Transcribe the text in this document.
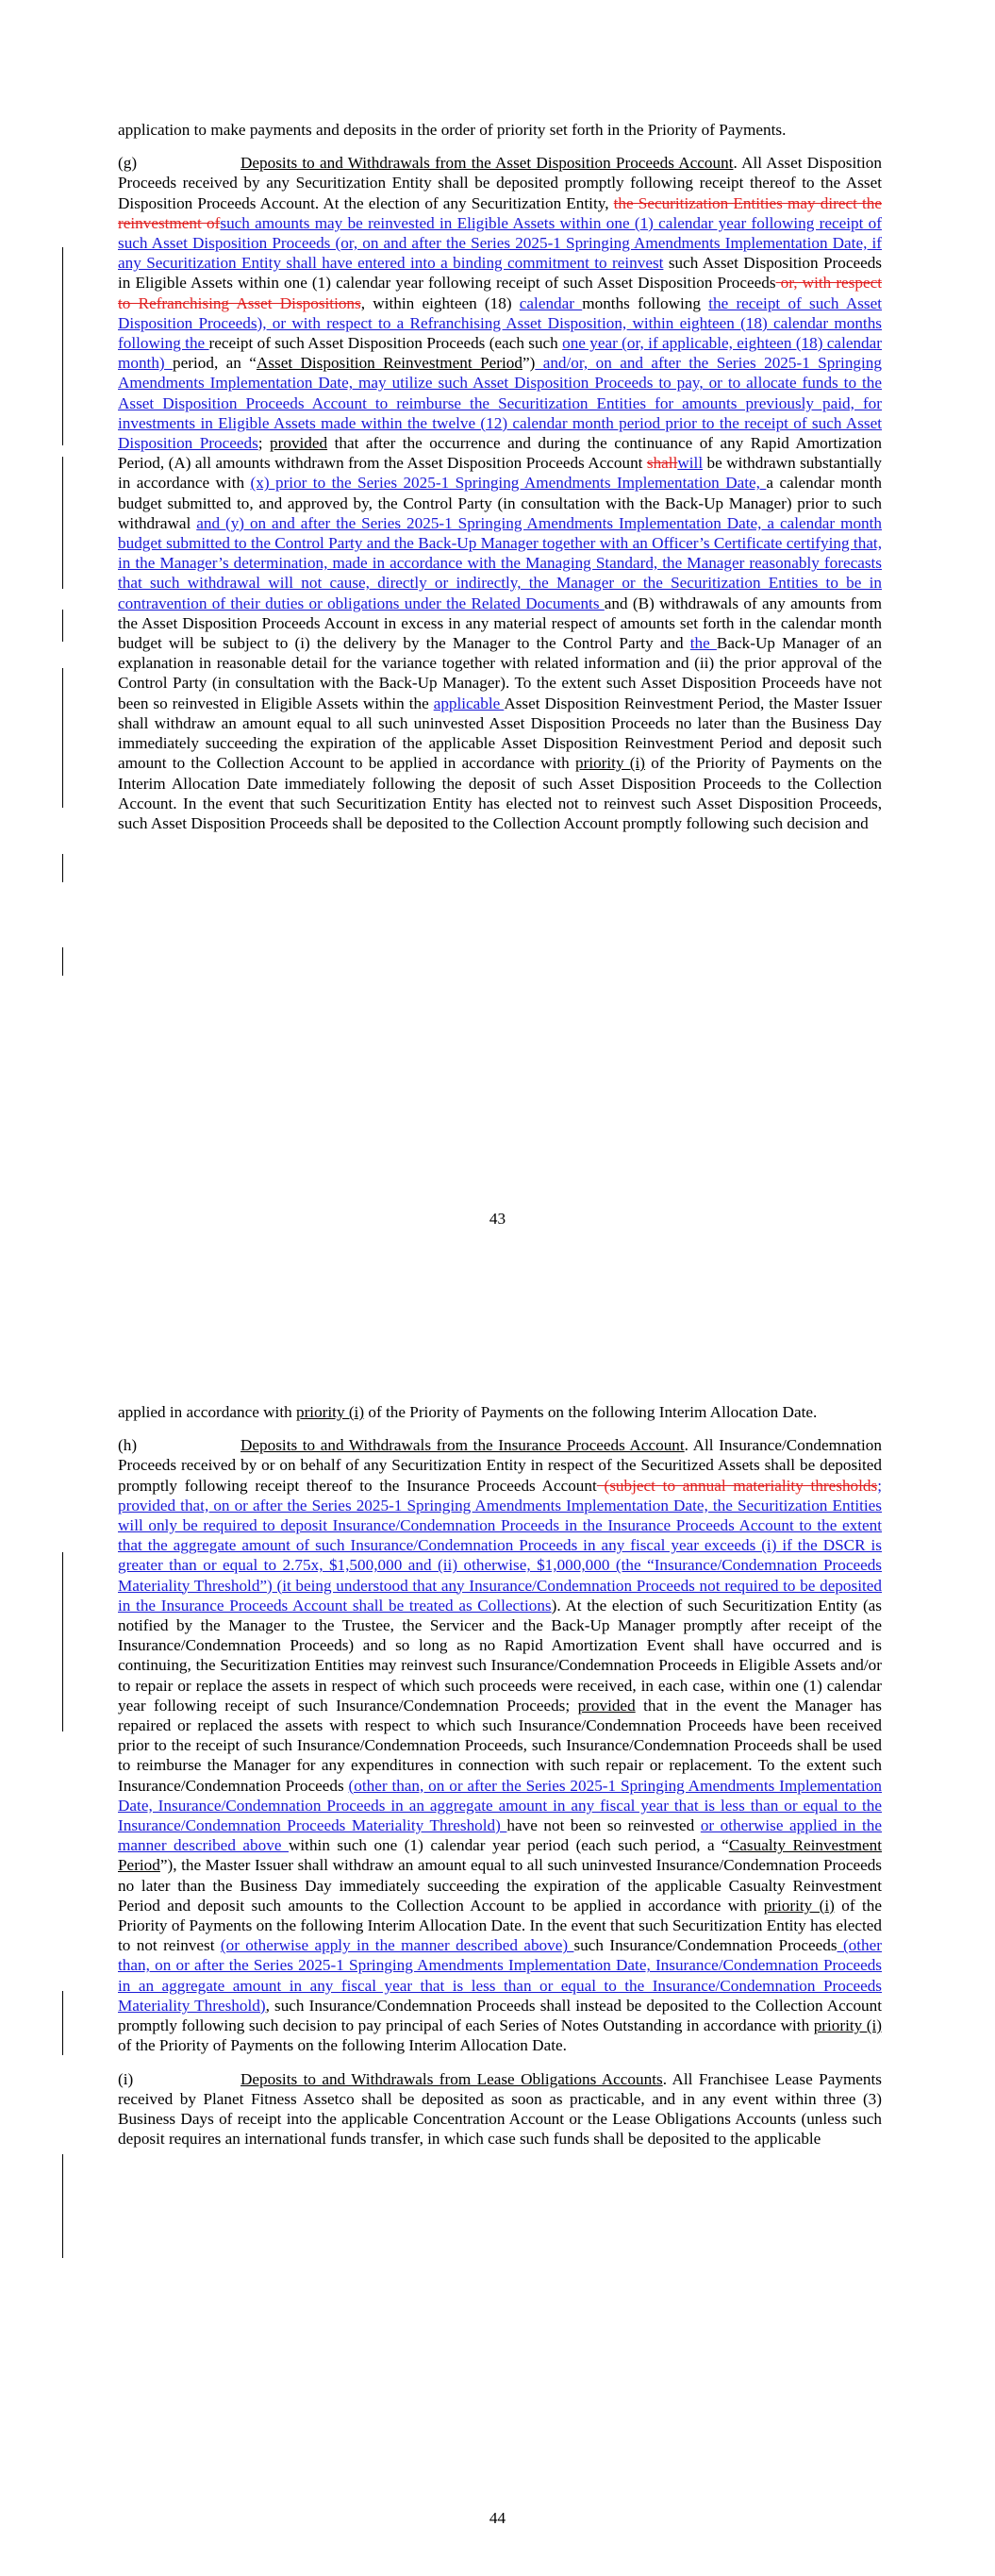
application to make payments and deposits in the order of priority set forth in the Priority of Payments.

(g)	Deposits to and Withdrawals from the Asset Disposition Proceeds Account. All Asset Disposition Proceeds received by any Securitization Entity shall be deposited promptly following receipt thereof to the Asset Disposition Proceeds Account. At the election of any Securitization Entity, the Securitization Entities may direct the reinvestment ofsuch amounts may be reinvested in Eligible Assets within one (1) calendar year following receipt of such Asset Disposition Proceeds (or, on and after the Series 2025-1 Springing Amendments Implementation Date, if any Securitization Entity shall have entered into a binding commitment to reinvest such Asset Disposition Proceeds in Eligible Assets within one (1) calendar year following receipt of such Asset Disposition Proceeds or, with respect to Refranchising Asset Dispositions, within eighteen (18) calendar months following the receipt of such Asset Disposition Proceeds), or with respect to a Refranchising Asset Disposition, within eighteen (18) calendar months following the receipt of such Asset Disposition Proceeds (each such one year (or, if applicable, eighteen (18) calendar month) period, an “Asset Disposition Reinvestment Period”) and/or, on and after the Series 2025-1 Springing Amendments Implementation Date, may utilize such Asset Disposition Proceeds to pay, or to allocate funds to the Asset Disposition Proceeds Account to reimburse the Securitization Entities for amounts previously paid, for investments in Eligible Assets made within the twelve (12) calendar month period prior to the receipt of such Asset Disposition Proceeds; provided that after the occurrence and during the continuance of any Rapid Amortization Period, (A) all amounts withdrawn from the Asset Disposition Proceeds Account shallwill be withdrawn substantially in accordance with (x) prior to the Series 2025-1 Springing Amendments Implementation Date, a calendar month budget submitted to, and approved by, the Control Party (in consultation with the Back-Up Manager) prior to such withdrawal and (y) on and after the Series 2025-1 Springing Amendments Implementation Date, a calendar month budget submitted to the Control Party and the Back-Up Manager together with an Officer’s Certificate certifying that, in the Manager’s determination, made in accordance with the Managing Standard, the Manager reasonably forecasts that such withdrawal will not cause, directly or indirectly, the Manager or the Securitization Entities to be in contravention of their duties or obligations under the Related Documents and (B) withdrawals of any amounts from the Asset Disposition Proceeds Account in excess in any material respect of amounts set forth in the calendar month budget will be subject to (i) the delivery by the Manager to the Control Party and the Back-Up Manager of an explanation in reasonable detail for the variance together with related information and (ii) the prior approval of the Control Party (in consultation with the Back-Up Manager). To the extent such Asset Disposition Proceeds have not been so reinvested in Eligible Assets within the applicable Asset Disposition Reinvestment Period, the Master Issuer shall withdraw an amount equal to all such uninvested Asset Disposition Proceeds no later than the Business Day immediately succeeding the expiration of the applicable Asset Disposition Reinvestment Period and deposit such amount to the Collection Account to be applied in accordance with priority (i) of the Priority of Payments on the Interim Allocation Date immediately following the deposit of such Asset Disposition Proceeds to the Collection Account. In the event that such Securitization Entity has elected not to reinvest such Asset Disposition Proceeds, such Asset Disposition Proceeds shall be deposited to the Collection Account promptly following such decision and

43

applied in accordance with priority (i) of the Priority of Payments on the following Interim Allocation Date.

(h)	Deposits to and Withdrawals from the Insurance Proceeds Account. All Insurance/Condemnation Proceeds received by or on behalf of any Securitization Entity in respect of the Securitized Assets shall be deposited promptly following receipt thereof to the Insurance Proceeds Account (subject to annual materiality thresholds; provided that, on or after the Series 2025-1 Springing Amendments Implementation Date, the Securitization Entities will only be required to deposit Insurance/Condemnation Proceeds in the Insurance Proceeds Account to the extent that the aggregate amount of such Insurance/Condemnation Proceeds in any fiscal year exceeds (i) if the DSCR is greater than or equal to 2.75x, $1,500,000 and (ii) otherwise, $1,000,000 (the “Insurance/Condemnation Proceeds Materiality Threshold”) (it being understood that any Insurance/Condemnation Proceeds not required to be deposited in the Insurance Proceeds Account shall be treated as Collections). At the election of such Securitization Entity (as notified by the Manager to the Trustee, the Servicer and the Back-Up Manager promptly after receipt of the Insurance/Condemnation Proceeds) and so long as no Rapid Amortization Event shall have occurred and is continuing, the Securitization Entities may reinvest such Insurance/Condemnation Proceeds in Eligible Assets and/or to repair or replace the assets in respect of which such proceeds were received, in each case, within one (1) calendar year following receipt of such Insurance/Condemnation Proceeds; provided that in the event the Manager has repaired or replaced the assets with respect to which such Insurance/Condemnation Proceeds have been received prior to the receipt of such Insurance/Condemnation Proceeds, such Insurance/Condemnation Proceeds shall be used to reimburse the Manager for any expenditures in connection with such repair or replacement. To the extent such Insurance/Condemnation Proceeds (other than, on or after the Series 2025-1 Springing Amendments Implementation Date, Insurance/Condemnation Proceeds in an aggregate amount in any fiscal year that is less than or equal to the Insurance/Condemnation Proceeds Materiality Threshold) have not been so reinvested or otherwise applied in the manner described above within such one (1) calendar year period (each such period, a “Casualty Reinvestment Period”), the Master Issuer shall withdraw an amount equal to all such uninvested Insurance/Condemnation Proceeds no later than the Business Day immediately succeeding the expiration of the applicable Casualty Reinvestment Period and deposit such amounts to the Collection Account to be applied in accordance with priority (i) of the Priority of Payments on the following Interim Allocation Date. In the event that such Securitization Entity has elected to not reinvest (or otherwise apply in the manner described above) such Insurance/Condemnation Proceeds (other than, on or after the Series 2025-1 Springing Amendments Implementation Date, Insurance/Condemnation Proceeds in an aggregate amount in any fiscal year that is less than or equal to the Insurance/Condemnation Proceeds Materiality Threshold), such Insurance/Condemnation Proceeds shall instead be deposited to the Collection Account promptly following such decision to pay principal of each Series of Notes Outstanding in accordance with priority (i) of the Priority of Payments on the following Interim Allocation Date.

(i)	Deposits to and Withdrawals from Lease Obligations Accounts. All Franchisee Lease Payments received by Planet Fitness Assetco shall be deposited as soon as practicable, and in any event within three (3) Business Days of receipt into the applicable Concentration Account or the Lease Obligations Accounts (unless such deposit requires an international funds transfer, in which case such funds shall be deposited to the applicable

44
